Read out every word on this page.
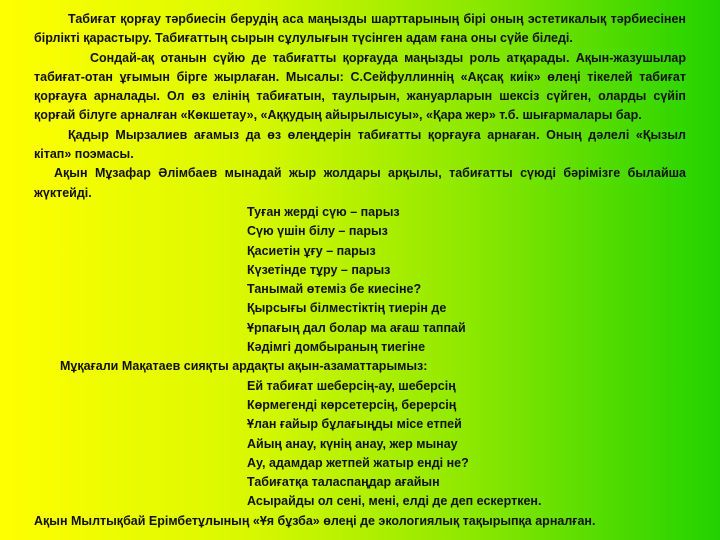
Табиғат қорғау тәрбиесін берудің аса маңызды шарттарының бірі оның эстетикалық тәрбиесінен бірлікті қарастыру. Табиғаттың сырын сұлулығын түсінген адам ғана оны сүйе біледі.

Сондай-ақ отанын сүйю де табиғатты қорғауда маңызды роль атқарады. Ақын-жазушылар табиғат-отан ұғымын бірге жырлаған. Мысалы: С.Сейфуллиннің «Ақсақ киік» өлеңі тікелей табиғат қорғауға арналады. Ол өз елінің табиғатын, таулырын, жануарларын шексіз сүйген, оларды сүйіп қорғай білуге арналған «Көкшетау», «Аққудың айырылысуы», «Қара жер» т.б. шығармалары бар.

Қадыр Мырзалиев ағамыз да өз өлеңдерін табиғатты қорғауға арнаған. Оның дәлелі «Қызыл кітап» поэмасы.

Ақын Мұзафар Әлімбаев мынадай жыр жолдары арқылы, табиғатты сүюді бәрімізге былайша жүктейді.

Туған жерді сүю – парыз
Сүю үшін білу – парыз
Қасиетін ұғу – парыз
Күзетінде тұру – парыз
Танымай өтеміз бе киесіне?
Қырсығы білместіктің тиерін де
Ұрпағың дал болар ма ағаш таппай
Кәдімгі домбыраның тиегіне

Мұқағали Мақатаев сияқты ардақты ақын-азаматтарымыз:

Ей табиғат шеберсің-ау, шеберсің
Көрмегенді көрсетерсің, берерсің
Ұлан ғайыр бұлағыңды місе етпей
Айың анау, күнің анау, жер мынау
Ау, адамдар жетпей жатыр енді не?
Табиғатқа таласпаңдар ағайын
Асырайды ол сені, мені, елді де деп ескерткен.

Ақын Мылтықбай Ерімбетұлының «Ұя бұзба» өлеңі де экологиялық тақырыпқа арналған.
